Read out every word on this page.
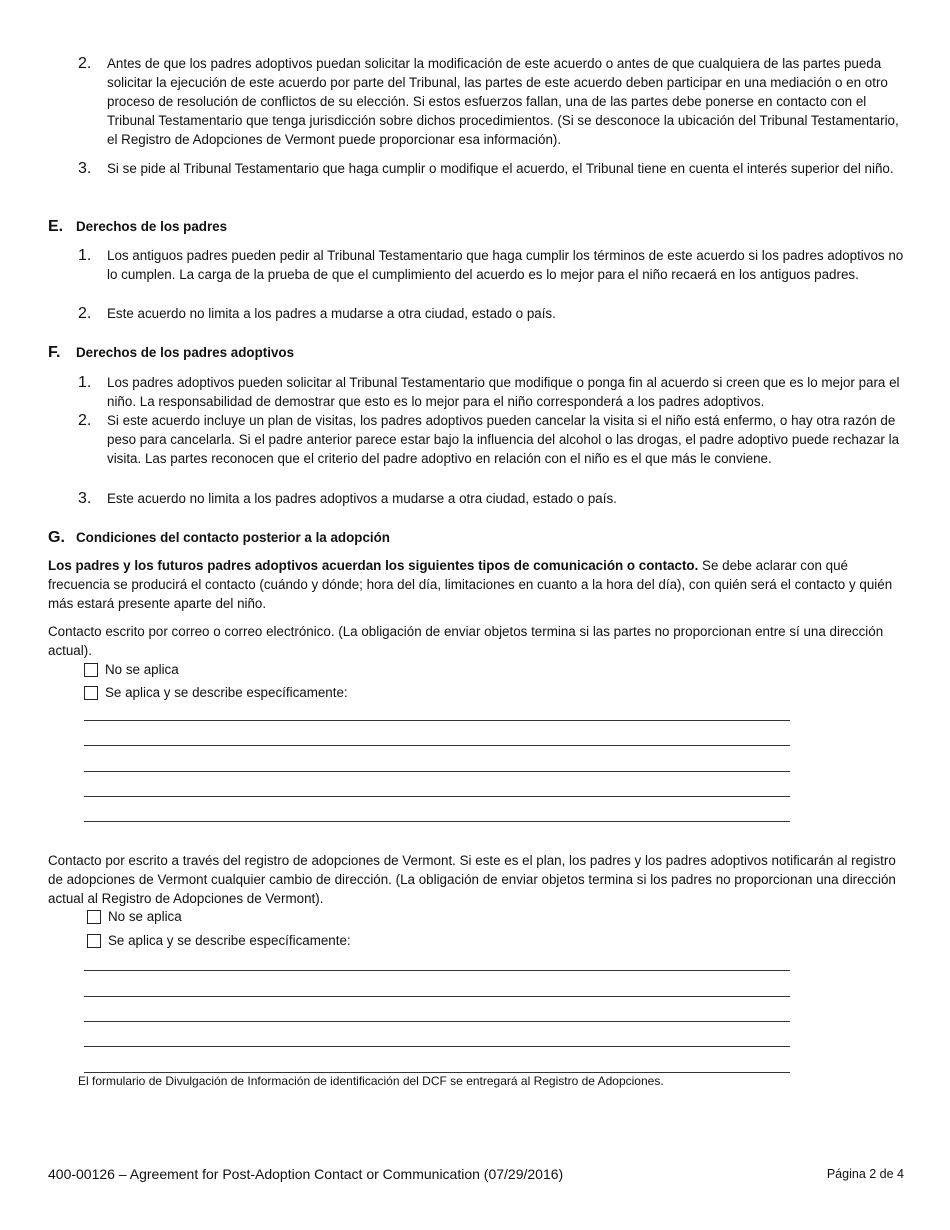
2. Antes de que los padres adoptivos puedan solicitar la modificación de este acuerdo o antes de que cualquiera de las partes pueda solicitar la ejecución de este acuerdo por parte del Tribunal, las partes de este acuerdo deben participar en una mediación o en otro proceso de resolución de conflictos de su elección. Si estos esfuerzos fallan, una de las partes debe ponerse en contacto con el Tribunal Testamentario que tenga jurisdicción sobre dichos procedimientos. (Si se desconoce la ubicación del Tribunal Testamentario, el Registro de Adopciones de Vermont puede proporcionar esa información).
3. Si se pide al Tribunal Testamentario que haga cumplir o modifique el acuerdo, el Tribunal tiene en cuenta el interés superior del niño.
E. Derechos de los padres
1. Los antiguos padres pueden pedir al Tribunal Testamentario que haga cumplir los términos de este acuerdo si los padres adoptivos no lo cumplen. La carga de la prueba de que el cumplimiento del acuerdo es lo mejor para el niño recaerá en los antiguos padres.
2. Este acuerdo no limita a los padres a mudarse a otra ciudad, estado o país.
F. Derechos de los padres adoptivos
1. Los padres adoptivos pueden solicitar al Tribunal Testamentario que modifique o ponga fin al acuerdo si creen que es lo mejor para el niño. La responsabilidad de demostrar que esto es lo mejor para el niño corresponderá a los padres adoptivos.
2. Si este acuerdo incluye un plan de visitas, los padres adoptivos pueden cancelar la visita si el niño está enfermo, o hay otra razón de peso para cancelarla. Si el padre anterior parece estar bajo la influencia del alcohol o las drogas, el padre adoptivo puede rechazar la visita. Las partes reconocen que el criterio del padre adoptivo en relación con el niño es el que más le conviene.
3. Este acuerdo no limita a los padres adoptivos a mudarse a otra ciudad, estado o país.
G. Condiciones del contacto posterior a la adopción
Los padres y los futuros padres adoptivos acuerdan los siguientes tipos de comunicación o contacto. Se debe aclarar con qué frecuencia se producirá el contacto (cuándo y dónde; hora del día, limitaciones en cuanto a la hora del día), con quién será el contacto y quién más estará presente aparte del niño.
Contacto escrito por correo o correo electrónico. (La obligación de enviar objetos termina si las partes no proporcionan entre sí una dirección actual).
No se aplica
Se aplica y se describe específicamente:
Contacto por escrito a través del registro de adopciones de Vermont. Si este es el plan, los padres y los padres adoptivos notificarán al registro de adopciones de Vermont cualquier cambio de dirección. (La obligación de enviar objetos termina si los padres no proporcionan una dirección actual al Registro de Adopciones de Vermont).
No se aplica
Se aplica y se describe específicamente:
El formulario de Divulgación de Información de identificación del DCF se entregará al Registro de Adopciones.
400-00126 – Agreement for Post-Adoption Contact or Communication (07/29/2016)	Página 2 de 4
